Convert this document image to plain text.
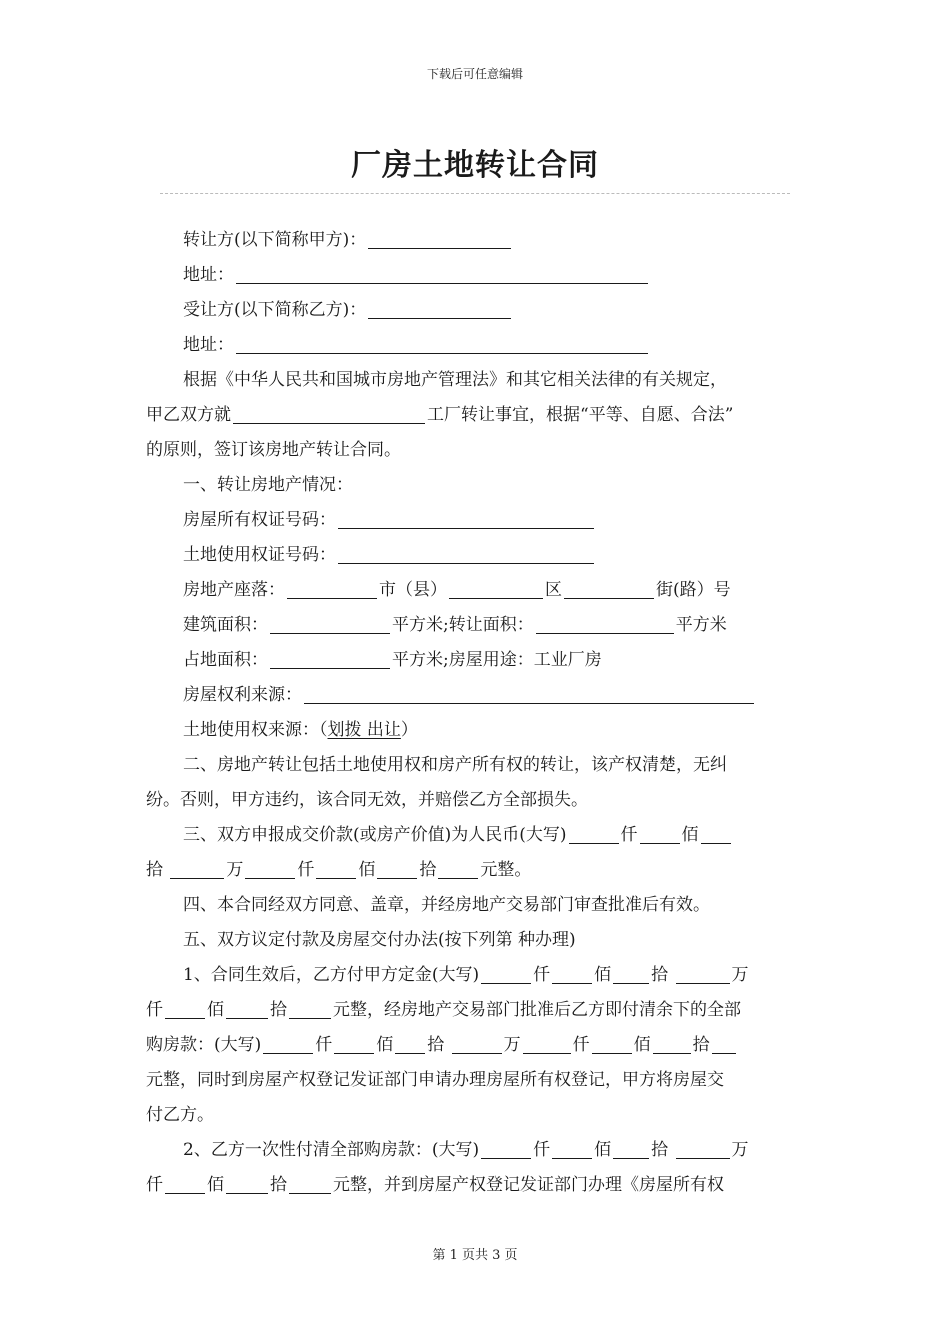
下载后可任意编辑
厂房土地转让合同
转让方(以下简称甲方)：
地址：
受让方(以下简称乙方)：
地址：
根据《中华人民共和国城市房地产管理法》和其它相关法律的有关规定，
甲乙双方就	工厂转让事宜，根据“平等、自愿、合法”
的原则，签订该房地产转让合同。
一、转让房地产情况：
房屋所有权证号码：
土地使用权证号码：
房地产座落：	市（县）	区	街(路）号
建筑面积：	平方米;转让面积：	平方米
占地面积：	平方米;房屋用途：工业厂房
房屋权利来源：
土地使用权来源：（划拨 出让）
二、房地产转让包括土地使用权和房产所有权的转让，该产权清楚，无纠
纷。否则，甲方违约，该合同无效，并赔偿乙方全部损失。
三、双方申报成交价款(或房产价值)为人民币(大写)	仟	佰
拾	万	仟	佰	拾	元整。
四、本合同经双方同意、盖章，并经房地产交易部门审查批准后有效。
五、双方议定付款及房屋交付办法(按下列第 种办理)
1、合同生效后，乙方付甲方定金(大写)	仟	佰 拾	万
仟	佰	拾	元整，经房地产交易部门批准后乙方即付清余下的全部
购房款：(大写)	仟	佰 拾	万	仟	佰 拾
元整，同时到房屋产权登记发证部门申请办理房屋所有权登记，甲方将房屋交
付乙方。
2、乙方一次性付清全部购房款：(大写)	仟	佰 拾	万
仟	佰	拾	元整，并到房屋产权登记发证部门办理《房屋所有权
第 1 页共 3 页
